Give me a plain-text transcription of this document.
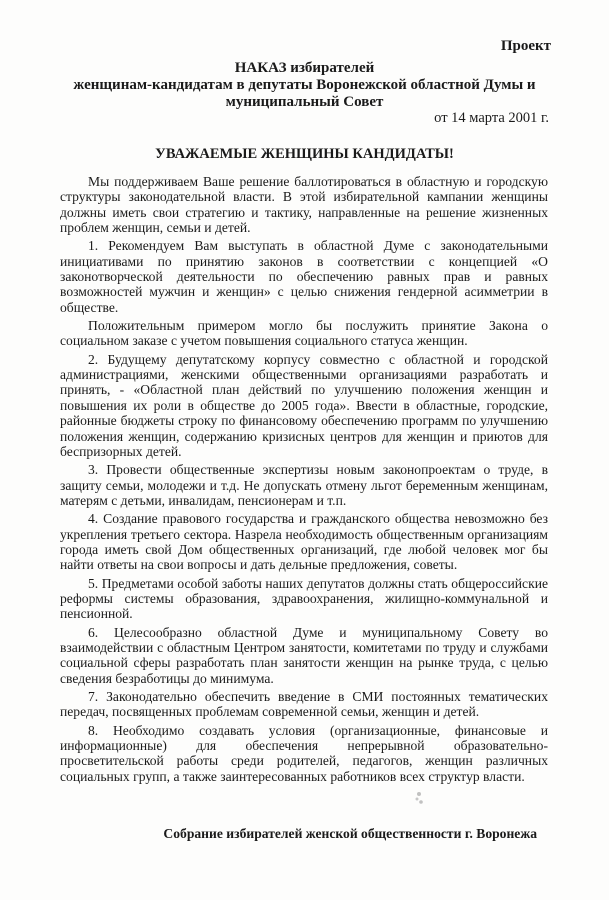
Проект
НАКАЗ избирателей
женщинам-кандидатам в депутаты Воронежской областной Думы и
муниципальный Совет
от 14 марта 2001 г.
УВАЖАЕМЫЕ ЖЕНЩИНЫ КАНДИДАТЫ!

Мы поддерживаем Ваше решение баллотироваться в областную и городскую структуры законодательной власти. В этой избирательной кампании женщины должны иметь свои стратегию и тактику, направленные на решение жизненных проблем женщин, семьи и детей.

1. Рекомендуем Вам выступать в областной Думе с законодательными инициативами по принятию законов в соответствии с концепцией «О законотворческой деятельности по обеспечению равных прав и равных возможностей мужчин и женщин» с целью снижения гендерной асимметрии в обществе.

Положительным примером могло бы послужить принятие Закона о социальном заказе с учетом повышения социального статуса женщин.

2. Будущему депутатскому корпусу совместно с областной и городской администрациями, женскими общественными организациями разработать и принять, - «Областной план действий по улучшению положения женщин и повышения их роли в обществе до 2005 года». Ввести в областные, городские, районные бюджеты строку по финансовому обеспечению программ по улучшению положения женщин, содержанию кризисных центров для женщин и приютов для беспризорных детей.

3. Провести общественные экспертизы новым законопроектам о труде, в защиту семьи, молодежи и т.д. Не допускать отмену льгот беременным женщинам, матерям с детьми, инвалидам, пенсионерам и т.п.

4. Создание правового государства и гражданского общества невозможно без укрепления третьего сектора. Назрела необходимость общественным организациям города иметь свой Дом общественных организаций, где любой человек мог бы найти ответы на свои вопросы и дать дельные предложения, советы.

5. Предметами особой заботы наших депутатов должны стать общероссийские реформы системы образования, здравоохранения, жилищно-коммунальной и пенсионной.

6. Целесообразно областной Думе и муниципальному Совету во взаимодействии с областным Центром занятости, комитетами по труду и службами социальной сферы разработать план занятости женщин на рынке труда, с целью сведения безработицы до минимума.

7. Законодательно обеспечить введение в СМИ постоянных тематических передач, посвященных проблемам современной семьи, женщин и детей.

8. Необходимо создавать условия (организационные, финансовые и информационные) для обеспечения непрерывной образовательно-просветительской работы среди родителей, педагогов, женщин различных социальных групп, а также заинтересованных работников всех структур власти.

Собрание избирателей женской общественности г. Воронежа
